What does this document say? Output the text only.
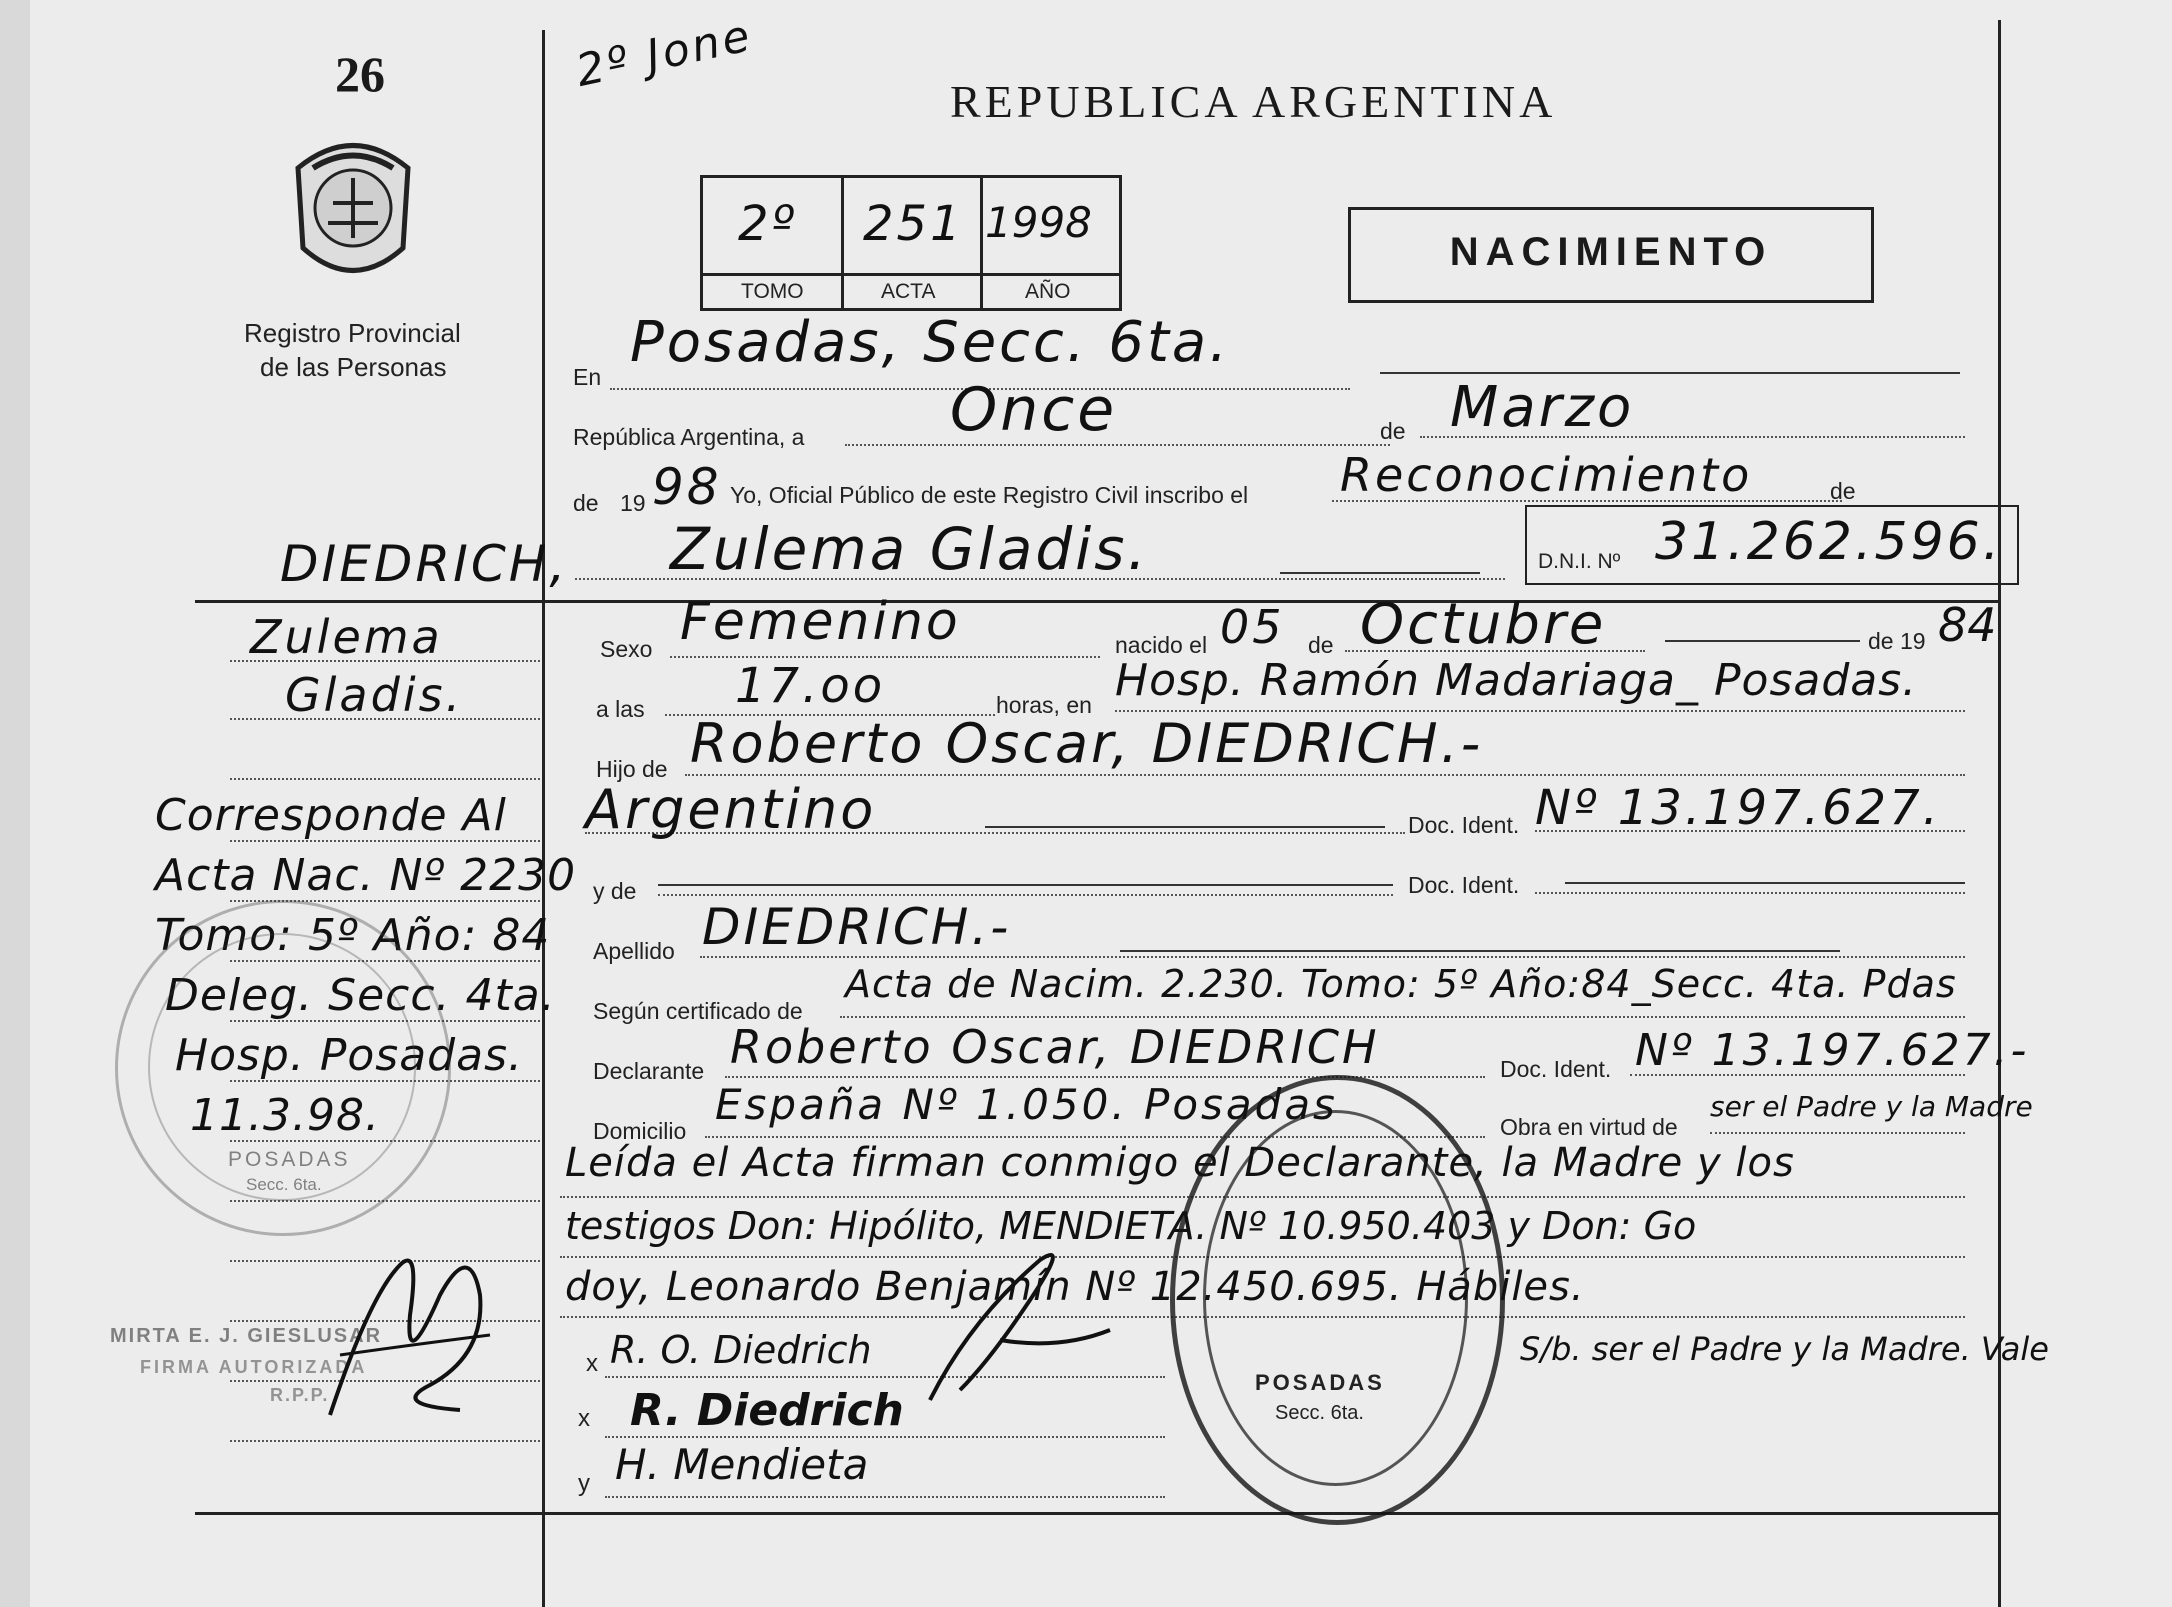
26
Registro Provincial
de las Personas
2º Jone
REPUBLICA ARGENTINA
2º 251 1998
TOMO	ACTA	AÑO
NACIMIENTO
En
Posadas, Secc. 6ta.
República Argentina, a	de
Once	Marzo
de 19 98 Yo, Oficial Público de este Registro Civil inscribo el Reconocimiento	de
Zulema Gladis.	D.N.I. Nº 31.262.596.
DIEDRICH,
Zulema
Gladis.
Corresponde Al
Acta Nac. Nº 2230
Tomo: 5º Año: 84
Deleg. Secc. 4ta.
Hosp. Posadas.
11.3.98.
POSADAS
Secc. 6ta.
MIRTA E. J. GIESLUSAR
FIRMA AUTORIZADA
R.P.P.
Sexo Femenino	nacido el 05 de Octubre	de 19 84
a las 17.oo	horas, en Hosp. Ramón Madariaga_ Posadas.
Hijo de Roberto Oscar, DIEDRICH.-
Argentino	Doc. Ident. Nº 13.197.627.
y de	Doc. Ident.
Apellido DIEDRICH.-
Según certificado de
Acta de Nacim. 2.230. Tomo: 5º Año:84_Secc. 4ta. Pdas
Declarante Roberto Oscar, DIEDRICH	Doc. Ident. Nº 13.197.627.-
Domicilio
España Nº 1.050. Posadas	Obra en virtud de
ser el Padre y la Madre
Leída el Acta firman conmigo el Declarante, la Madre y los
testigos Don: Hipólito, MENDIETA. Nº 10.950.403 y Don: Go
doy, Leonardo Benjamín Nº 12.450.695. Hábiles.
S/b. ser el Padre y la Madre. Vale
x R. O. Diedrich
x R. Diedrich
y H. Mendieta
POSADAS
Secc. 6ta.
